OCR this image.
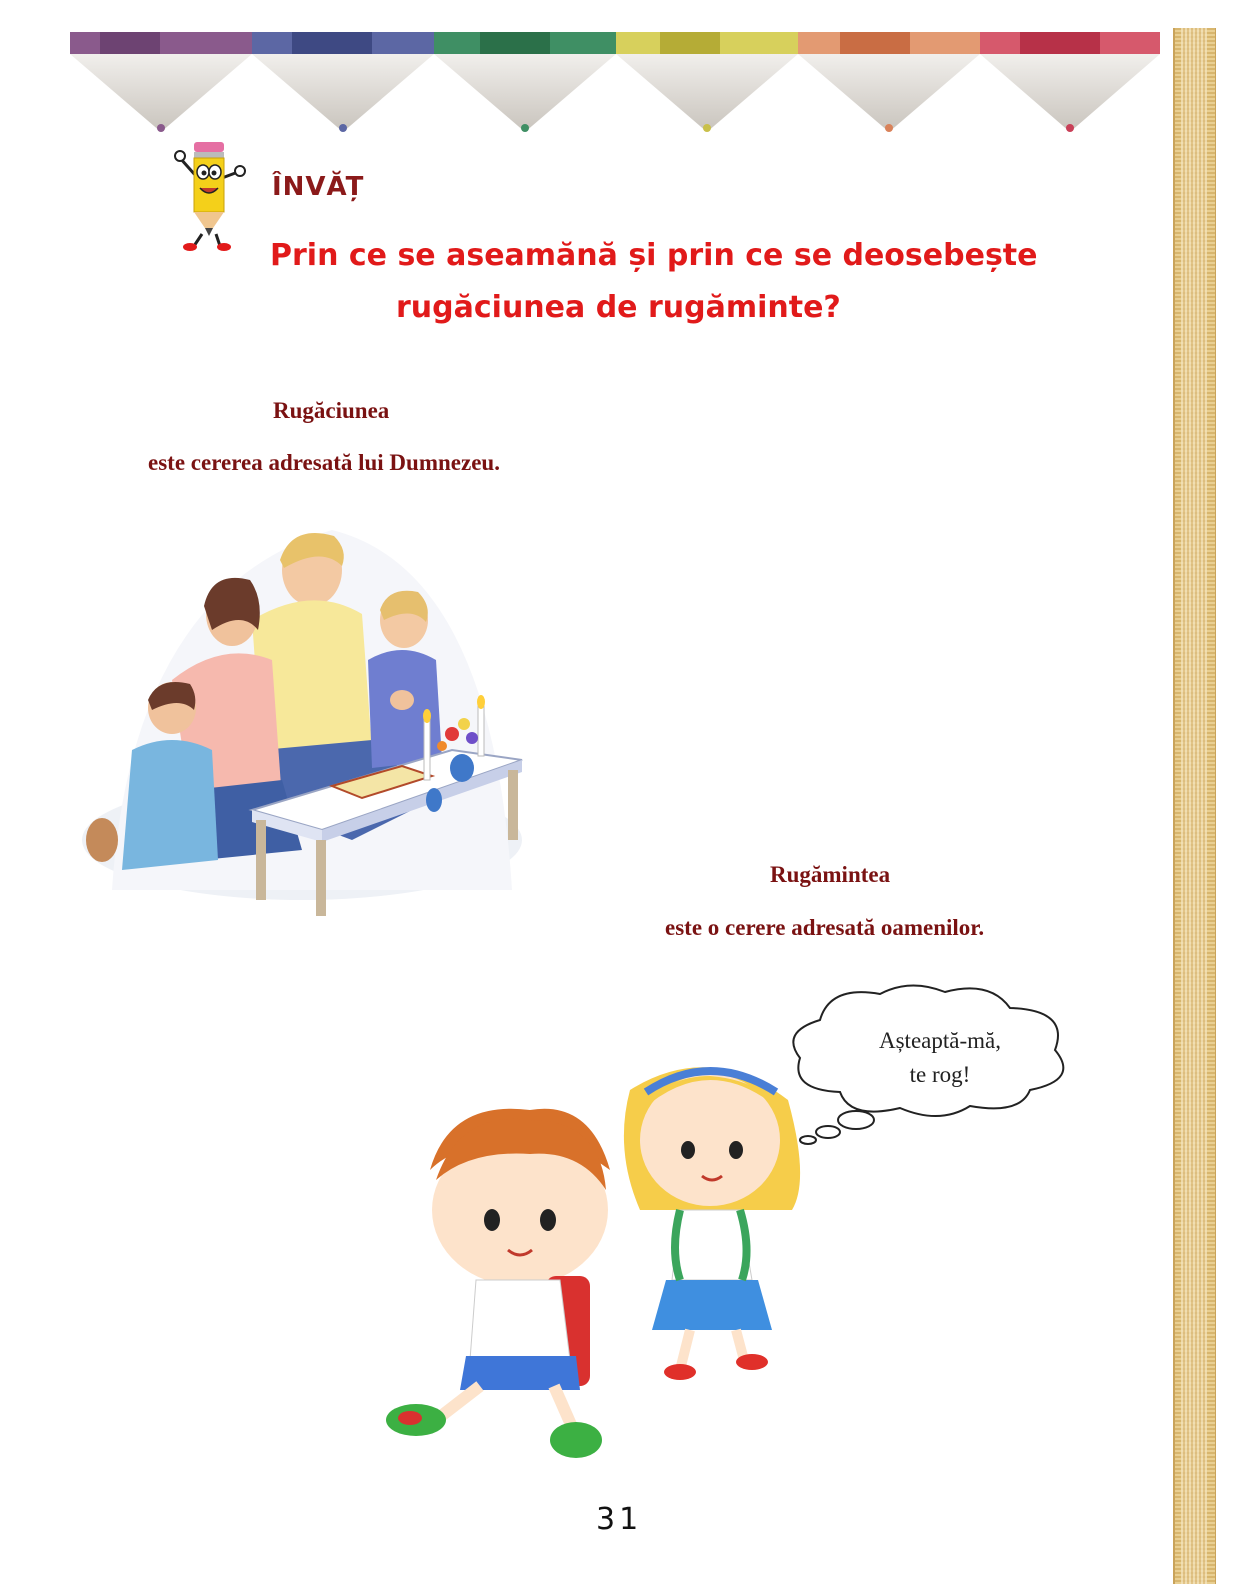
ÎNVĂȚ
Prin ce se aseamănă și prin ce se deosebește
rugăciunea de rugăminte?
Rugăciunea
este cererea adresată lui Dumnezeu.
Rugămintea
este o cerere adresată oamenilor.
Așteaptă-mă,
te rog!
31
